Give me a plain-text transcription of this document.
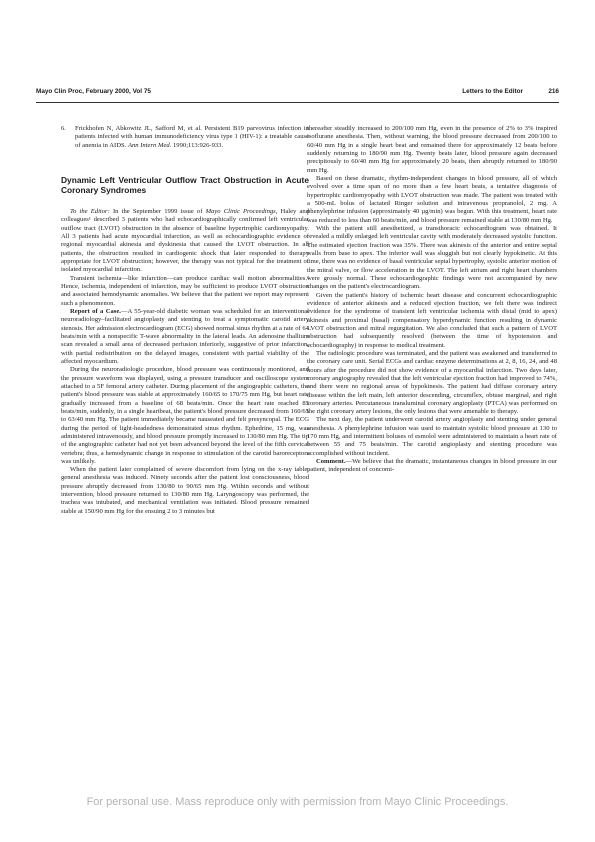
Mayo Clin Proc, February 2000, Vol 75	Letters to the Editor	216
6.	Frickhofen N, Abkowitz JL, Safford M, et al. Persistent B19 parvovirus infection in patients infected with human immunodeficiency virus type 1 (HIV-1): a treatable cause of anemia in AIDS. Ann Intern Med. 1990;113:926-933.
Dynamic Left Ventricular Outflow Tract Obstruction in Acute Coronary Syndromes

To the Editor: In the September 1999 issue of Mayo Clinic Proceedings, Haley and colleagues¹ described 3 patients who had echocardiographically confirmed left ventricular outflow tract (LVOT) obstruction in the absence of baseline hypertrophic cardiomyopathy. All 3 patients had acute myocardial infarction, as well as echocardiographic evidence of regional myocardial akinesia and dyskinesia that caused the LVOT obstruction. In all patients, the obstruction resulted in cardiogenic shock that later responded to therapy appropriate for LVOT obstruction; however, the therapy was not typical for the treatment of isolated myocardial infarction.

Transient ischemia—like infarction—can produce cardiac wall motion abnormalities.² Hence, ischemia, independent of infarction, may be sufficient to produce LVOT obstruction and associated hemodynamic anomalies. We believe that the patient we report may represent such a phenomenon.

Report of a Case.—A 55-year-old diabetic woman was scheduled for an interventional neuroradiology–facilitated angioplasty and stenting to treat a symptomatic carotid artery stenosis. Her admission electrocardiogram (ECG) showed normal sinus rhythm at a rate of 64 beats/min with a nonspecific T-wave abnormality in the lateral leads. An adenosine thallium scan revealed a small area of decreased perfusion inferiorly, suggestive of prior infarction, with partial redistribution on the delayed images, consistent with partial viability of the affected myocardium.

During the neuroradiologic procedure, blood pressure was continuously monitored, and the pressure waveform was displayed, using a pressure transducer and oscilloscope system attached to a 5F femoral artery catheter. During placement of the angiographic catheters, the patient's blood pressure was stable at approximately 160/65 to 170/75 mm Hg, but heart rate gradually increased from a baseline of 68 beats/min. Once the heart rate reached 85 beats/min, suddenly, in a single heartbeat, the patient's blood pressure decreased from 160/65 to 63/40 mm Hg. The patient immediately became nauseated and felt presyncopal. The ECG during the period of light-headedness demonstrated sinus rhythm. Ephedrine, 15 mg, was administered intravenously, and blood pressure promptly increased to 130/80 mm Hg. The tip of the angiographic catheter had not yet been advanced beyond the level of the fifth cervical vertebra; thus, a hemodynamic change in response to stimulation of the carotid baroreceptors was unlikely.

When the patient later complained of severe discomfort from lying on the x-ray table, general anesthesia was induced. Ninety seconds after the patient lost consciousness, blood pressure abruptly decreased from 130/80 to 90/65 mm Hg. Within seconds and without intervention, blood pressure returned to 130/80 mm Hg. Laryngoscopy was performed, the trachea was intubated, and mechanical ventilation was initiated. Blood pressure remained stable at 150/90 mm Hg for the ensuing 2 to 3 minutes but

thereafter steadily increased to 200/100 mm Hg, even in the presence of 2% to 3% inspired isoflurane anesthesia. Then, without warning, the blood pressure decreased from 200/100 to 60/40 mm Hg in a single heart beat and remained there for approximately 12 beats before suddenly returning to 180/90 mm Hg. Twenty beats later, blood pressure again decreased precipitously to 60/40 mm Hg for approximately 20 beats, then abruptly returned to 180/90 mm Hg.

Based on these dramatic, rhythm-independent changes in blood pressure, all of which evolved over a time span of no more than a few heart beats, a tentative diagnosis of hypertrophic cardiomyopathy with LVOT obstruction was made. The patient was treated with a 500-mL bolus of lactated Ringer solution and intravenous propranolol, 2 mg. A phenylephrine infusion (approximately 40 µg/min) was begun. With this treatment, heart rate was reduced to less than 60 beats/min, and blood pressure remained stable at 130/80 mm Hg.

With the patient still anesthetized, a transthoracic echocardiogram was obtained. It revealed a mildly enlarged left ventricular cavity with moderately decreased systolic function. The estimated ejection fraction was 35%. There was akinesis of the anterior and entire septal walls from base to apex. The inferior wall was sluggish but not clearly hypokinetic. At this time, there was no evidence of basal ventricular septal hypertrophy, systolic anterior motion of the mitral valve, or flow acceleration in the LVOT. The left atrium and right heart chambers were grossly normal. These echocardiographic findings were not accompanied by new changes on the patient's electrocardiogram.

Given the patient's history of ischemic heart disease and concurrent echocardiographic evidence of anterior akinesis and a reduced ejection fraction, we felt there was indirect evidence for the syndrome of transient left ventricular ischemia with distal (mid to apex) akinesis and proximal (basal) compensatory hyperdynamic function resulting in dynamic LVOT obstruction and mitral regurgitation. We also concluded that such a pattern of LVOT obstruction had subsequently resolved (between the time of hypotension and echocardiography) in response to medical treatment.

The radiologic procedure was terminated, and the patient was awakened and transferred to the coronary care unit. Serial ECGs and cardiac enzyme determinations at 2, 8, 16, 24, and 48 hours after the procedure did not show evidence of a myocardial infarction. Two days later, coronary angiography revealed that the left ventricular ejection fraction had improved to 74%, and there were no regional areas of hypokinesis. The patient had diffuse coronary artery disease within the left main, left anterior descending, circumflex, obtuse marginal, and right coronary arteries. Percutaneous transluminal coronary angioplasty (PTCA) was performed on the right coronary artery lesions, the only lesions that were amenable to therapy.

The next day, the patient underwent carotid artery angioplasty and stenting under general anesthesia. A phenylephrine infusion was used to maintain systolic blood pressure at 130 to 170 mm Hg, and intermittent boluses of esmolol were administered to maintain a heart rate of between 55 and 75 beats/min. The carotid angioplasty and stenting procedure was accomplished without incident.

Comment.—We believe that the dramatic, instantaneous changes in blood pressure in our patient, independent of concomi-

For personal use. Mass reproduce only with permission from Mayo Clinic Proceedings.
